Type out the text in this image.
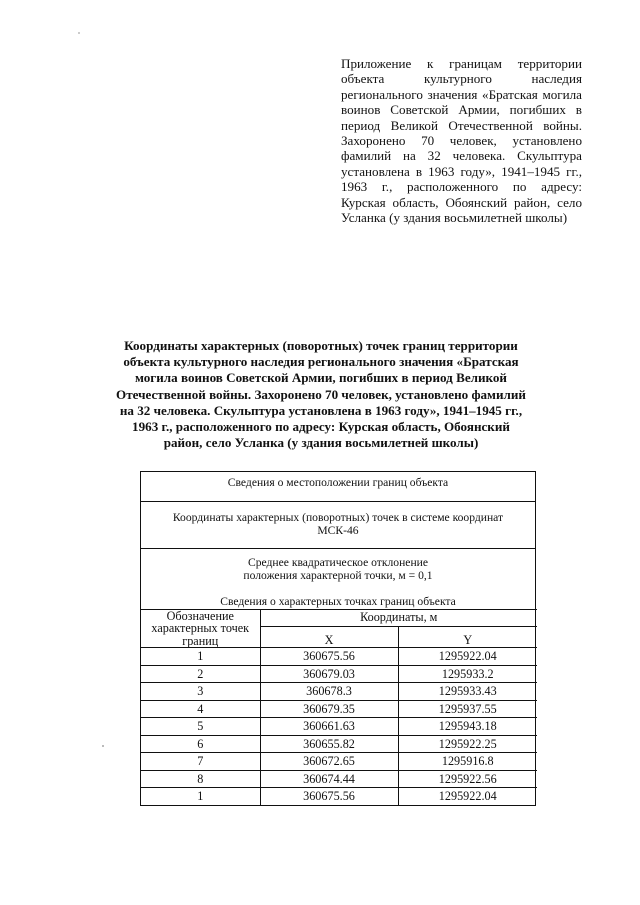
Приложение к границам территории объекта культурного наследия регионального значения «Братская могила воинов Советской Армии, погибших в период Великой Отечественной войны. Захоронено 70 человек, установлено фамилий на 32 человека. Скульптура установлена в 1963 году», 1941–1945 гг., 1963 г., расположенного по адресу: Курская область, Обоянский район, село Усланка (у здания восьмилетней школы)
Координаты характерных (поворотных) точек границ территории объекта культурного наследия регионального значения «Братская могила воинов Советской Армии, погибших в период Великой Отечественной войны. Захоронено 70 человек, установлено фамилий на 32 человека. Скульптура установлена в 1963 году», 1941–1945 гг., 1963 г., расположенного по адресу: Курская область, Обоянский район, село Усланка (у здания восьмилетней школы)
Сведения о местоположении границ объекта
Координаты характерных (поворотных) точек в системе координат МСК-46
Среднее квадратическое отклонение
положения характерной точки, м = 0,1
Сведения о характерных точках границ объекта
Обозначение характерных точек границ	Координаты, м	
	X	Y
1	360675.56	1295922.04
2	360679.03	1295933.2
3	360678.3	1295933.43
4	360679.35	1295937.55
5	360661.63	1295943.18
6	360655.82	1295922.25
7	360672.65	1295916.8
8	360674.44	1295922.56
1	360675.56	1295922.04
